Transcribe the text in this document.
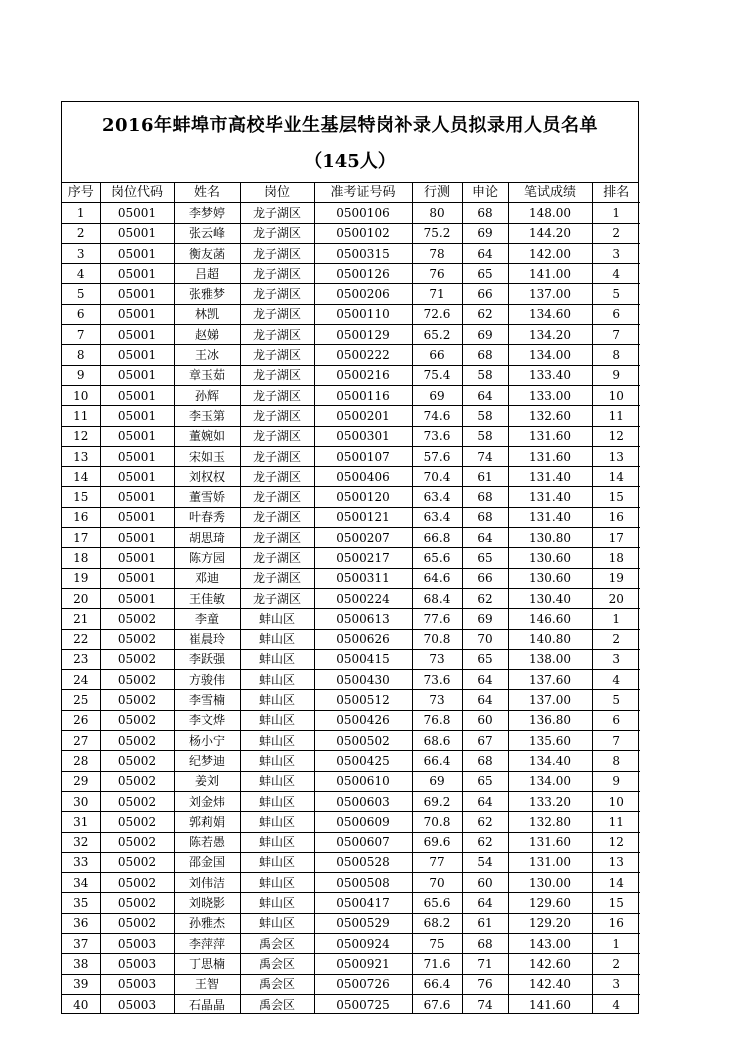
2016年蚌埠市高校毕业生基层特岗补录人员拟录用人员名单
（145人）
序号	岗位代码	姓名	岗位	准考证号码	行测	申论	笔试成绩	排名
1	05001	李梦婷	龙子湖区	0500106	80	68	148.00	1
2	05001	张云峰	龙子湖区	0500102	75.2	69	144.20	2
3	05001	衡友菡	龙子湖区	0500315	78	64	142.00	3
4	05001	吕超	龙子湖区	0500126	76	65	141.00	4
5	05001	张雅梦	龙子湖区	0500206	71	66	137.00	5
6	05001	林凯	龙子湖区	0500110	72.6	62	134.60	6
7	05001	赵娣	龙子湖区	0500129	65.2	69	134.20	7
8	05001	王冰	龙子湖区	0500222	66	68	134.00	8
9	05001	章玉茹	龙子湖区	0500216	75.4	58	133.40	9
10	05001	孙辉	龙子湖区	0500116	69	64	133.00	10
11	05001	李玉第	龙子湖区	0500201	74.6	58	132.60	11
12	05001	董婉如	龙子湖区	0500301	73.6	58	131.60	12
13	05001	宋如玉	龙子湖区	0500107	57.6	74	131.60	13
14	05001	刘权权	龙子湖区	0500406	70.4	61	131.40	14
15	05001	董雪娇	龙子湖区	0500120	63.4	68	131.40	15
16	05001	叶春秀	龙子湖区	0500121	63.4	68	131.40	16
17	05001	胡思琦	龙子湖区	0500207	66.8	64	130.80	17
18	05001	陈方园	龙子湖区	0500217	65.6	65	130.60	18
19	05001	邓迪	龙子湖区	0500311	64.6	66	130.60	19
20	05001	王佳敏	龙子湖区	0500224	68.4	62	130.40	20
21	05002	李童	蚌山区	0500613	77.6	69	146.60	1
22	05002	崔晨玲	蚌山区	0500626	70.8	70	140.80	2
23	05002	李跃强	蚌山区	0500415	73	65	138.00	3
24	05002	方骏伟	蚌山区	0500430	73.6	64	137.60	4
25	05002	李雪楠	蚌山区	0500512	73	64	137.00	5
26	05002	李文烨	蚌山区	0500426	76.8	60	136.80	6
27	05002	杨小宁	蚌山区	0500502	68.6	67	135.60	7
28	05002	纪梦迪	蚌山区	0500425	66.4	68	134.40	8
29	05002	姜刘	蚌山区	0500610	69	65	134.00	9
30	05002	刘金炜	蚌山区	0500603	69.2	64	133.20	10
31	05002	郭莉娟	蚌山区	0500609	70.8	62	132.80	11
32	05002	陈若愚	蚌山区	0500607	69.6	62	131.60	12
33	05002	邵金国	蚌山区	0500528	77	54	131.00	13
34	05002	刘伟洁	蚌山区	0500508	70	60	130.00	14
35	05002	刘晓影	蚌山区	0500417	65.6	64	129.60	15
36	05002	孙雅杰	蚌山区	0500529	68.2	61	129.20	16
37	05003	李萍萍	禹会区	0500924	75	68	143.00	1
38	05003	丁思楠	禹会区	0500921	71.6	71	142.60	2
39	05003	王智	禹会区	0500726	66.4	76	142.40	3
40	05003	石晶晶	禹会区	0500725	67.6	74	141.60	4
